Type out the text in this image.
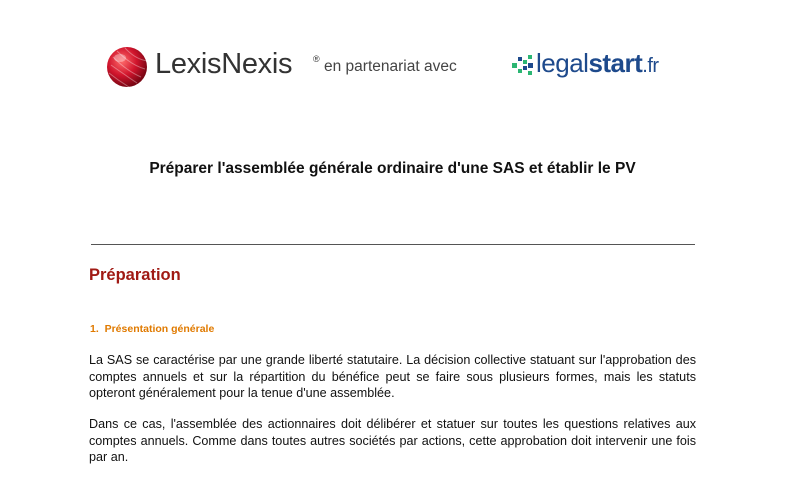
LexisNexis ® en partenariat avec	legalstart.fr
Préparer l'assemblée générale ordinaire d'une SAS et établir le PV
Préparation
1.  Présentation générale

La SAS se caractérise par une grande liberté statutaire. La décision collective statuant sur l'approbation des comptes annuels et sur la répartition du bénéfice peut se faire sous plusieurs formes, mais les statuts opteront généralement pour la tenue d'une assemblée.

Dans ce cas, l'assemblée des actionnaires doit délibérer et statuer sur toutes les questions relatives aux comptes annuels. Comme dans toutes autres sociétés par actions, cette approbation doit intervenir une fois par an.
